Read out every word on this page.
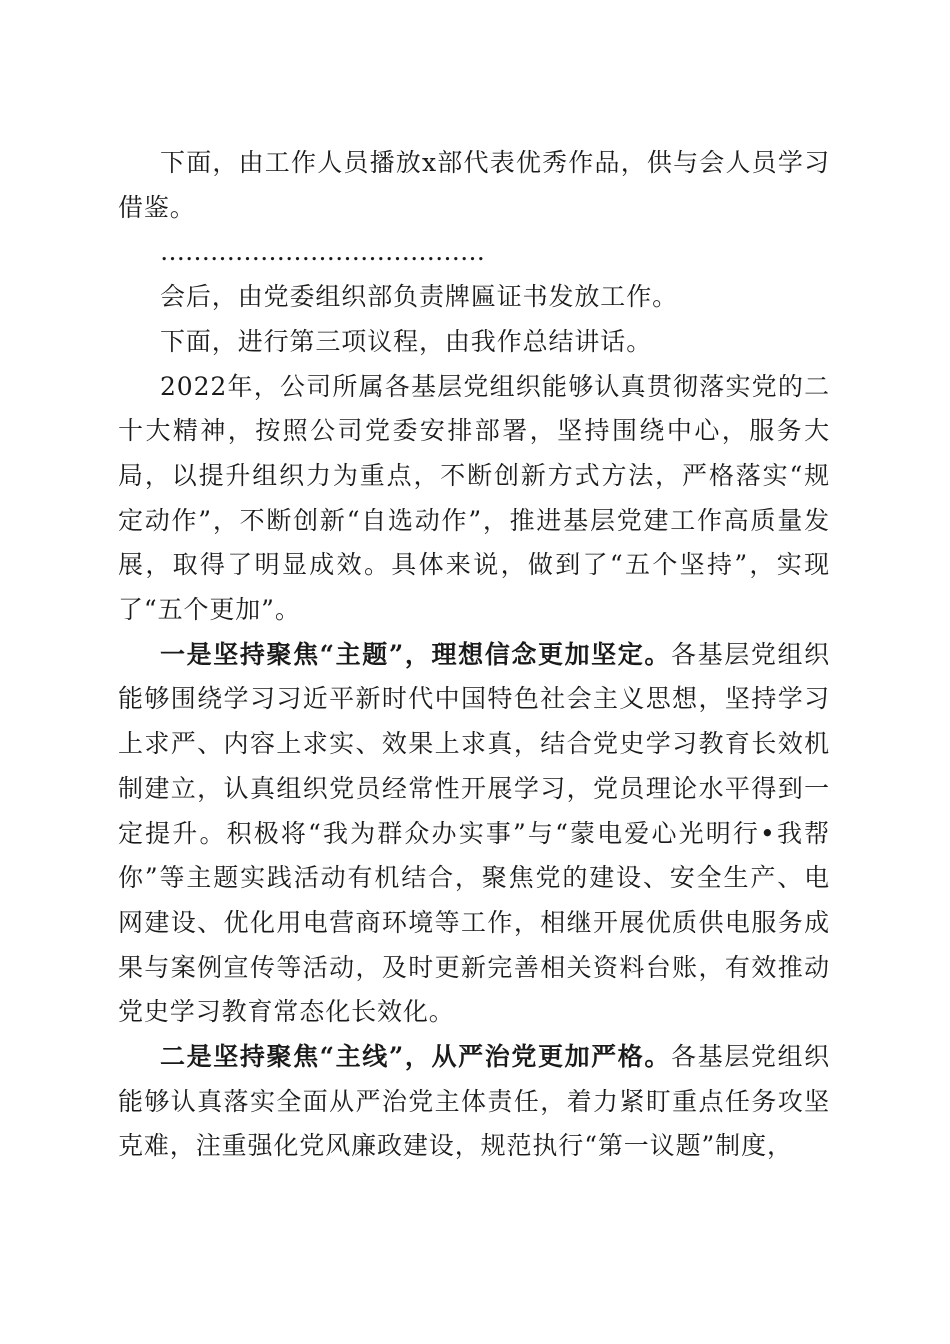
下面，由工作人员播放x部代表优秀作品，供与会人员学习借鉴。

…………………………………

会后，由党委组织部负责牌匾证书发放工作。

下面，进行第三项议程，由我作总结讲话。

2022年，公司所属各基层党组织能够认真贯彻落实党的二十大精神，按照公司党委安排部署，坚持围绕中心，服务大局，以提升组织力为重点，不断创新方式方法，严格落实“规定动作”，不断创新“自选动作”，推进基层党建工作高质量发展，取得了明显成效。具体来说，做到了“五个坚持”，实现了“五个更加”。

一是坚持聚焦“主题”，理想信念更加坚定。各基层党组织能够围绕学习习近平新时代中国特色社会主义思想，坚持学习上求严、内容上求实、效果上求真，结合党史学习教育长效机制建立，认真组织党员经常性开展学习，党员理论水平得到一定提升。积极将“我为群众办实事”与“蒙电爱心光明行•我帮你”等主题实践活动有机结合，聚焦党的建设、安全生产、电网建设、优化用电营商环境等工作，相继开展优质供电服务成果与案例宣传等活动，及时更新完善相关资料台账，有效推动党史学习教育常态化长效化。

二是坚持聚焦“主线”，从严治党更加严格。各基层党组织能够认真落实全面从严治党主体责任，着力紧盯重点任务攻坚克难，注重强化党风廉政建设，规范执行“第一议题”制度，
